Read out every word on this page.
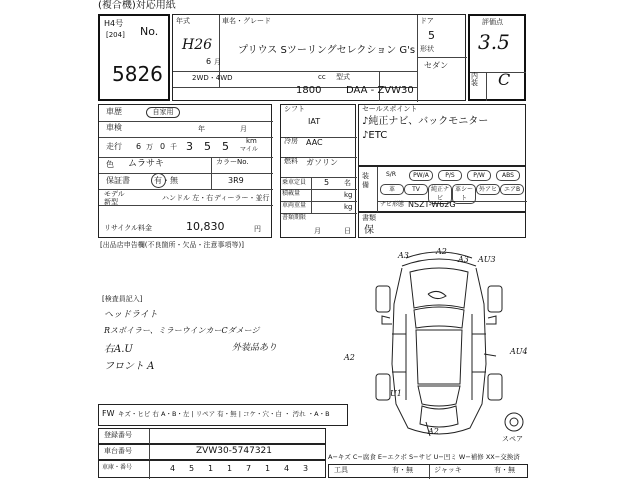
(複合機)対応用紙
H4号
[204] No.
5826
年式
H26
6 月
車名・グレード
プリウス Sツーリングセレクション G's
2WD・4WD
1800
cc 型式
DAA - ZVW30
ドア
5
形状
セダン
評価点
3.5
内装 C
車歴	自家用
車検	年	月
走行 6 万 0 千 3 5 5 km
マイル
色 ムラサキ	カラーNo.
保証書	有・無	3R9
モデル
新型	ハンドル 左・右 ディーラー・並行
リサイクル料金	10,830	円
[出品店申告欄(不良箇所・欠品・注意事項等)]
シフト
IAT
冷房 AAC
燃料 ガソリン
乗車定員 5 名
積載量	kg
車両重量	kg
書類期限
月	日
セールスポイント
♪純正ナビ、バックモニター
♪ETC
装備
S/R	PW/A	P/S	P/W	ABS
革	TV	純正ナビ
革シート
外アヒ	エアB
ナビ形態 NSZT-W62G
書類
保
[検査員記入]
ヘッドライト
Rスポイラー、ミラーウインカーCダメージ
右A.U
フロント A
外装品あり
A3	A2
A3 AU3
A2
AU4
U1
A2
スペア
FW キズ・ヒビ 右 A・B・左 | リペア 有・無 | コケ・穴・白 ・ 汚れ ・A・B
登録番号
車台番号	ZVW30-5747321
車庫・番号	4 5 1 1 7 1 4 3
A−キズ C−腐食 E−エクボ S−サビ U−凹ミ W−補修 XX−交換済
工具	有・無	ジャッキ	有・無
